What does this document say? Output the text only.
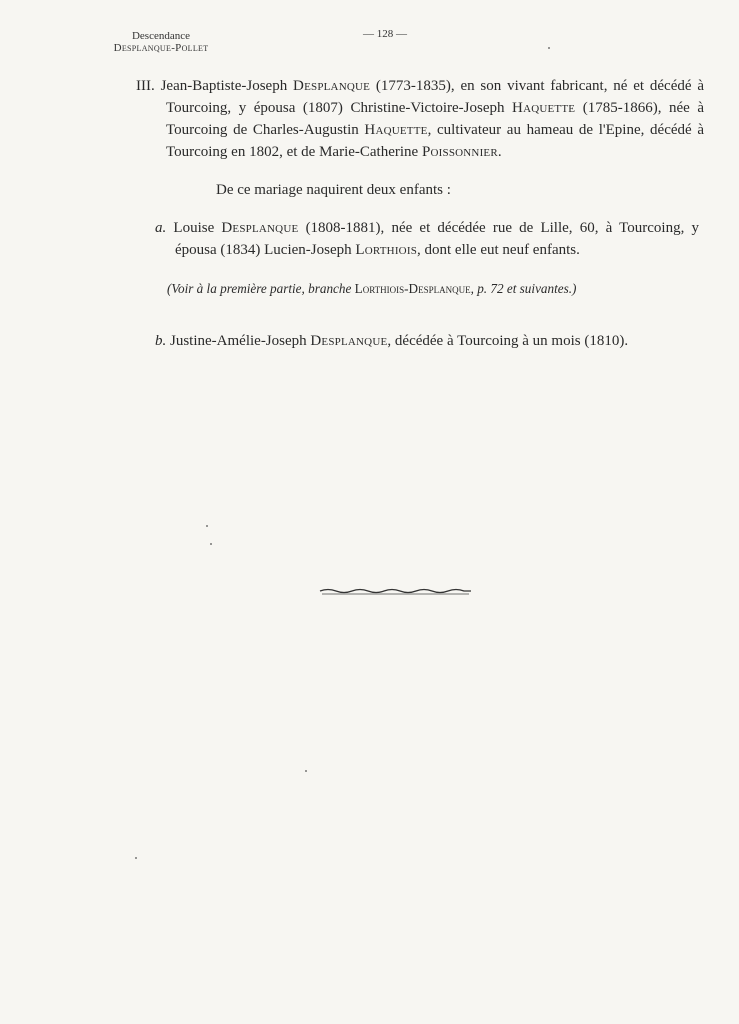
Descendance
Desplanque-Pollet
— 128 —
III. Jean-Baptiste-Joseph Desplanque (1773-1835), en son vivant fabricant, né et décédé à Tourcoing, y épousa (1807) Christine-Victoire-Joseph Haquette (1785-1866), née à Tourcoing de Charles-Augustin Haquette, cultivateur au hameau de l'Epine, décédé à Tourcoing en 1802, et de Marie-Catherine Poissonnier.
De ce mariage naquirent deux enfants :
a. Louise Desplanque (1808-1881), née et décédée rue de Lille, 60, à Tourcoing, y épousa (1834) Lucien-Joseph Lorthiois, dont elle eut neuf enfants.
(Voir à la première partie, branche Lorthiois-Desplanque, p. 72 et suivantes.)
b. Justine-Amélie-Joseph Desplanque, décédée à Tourcoing à un mois (1810).
